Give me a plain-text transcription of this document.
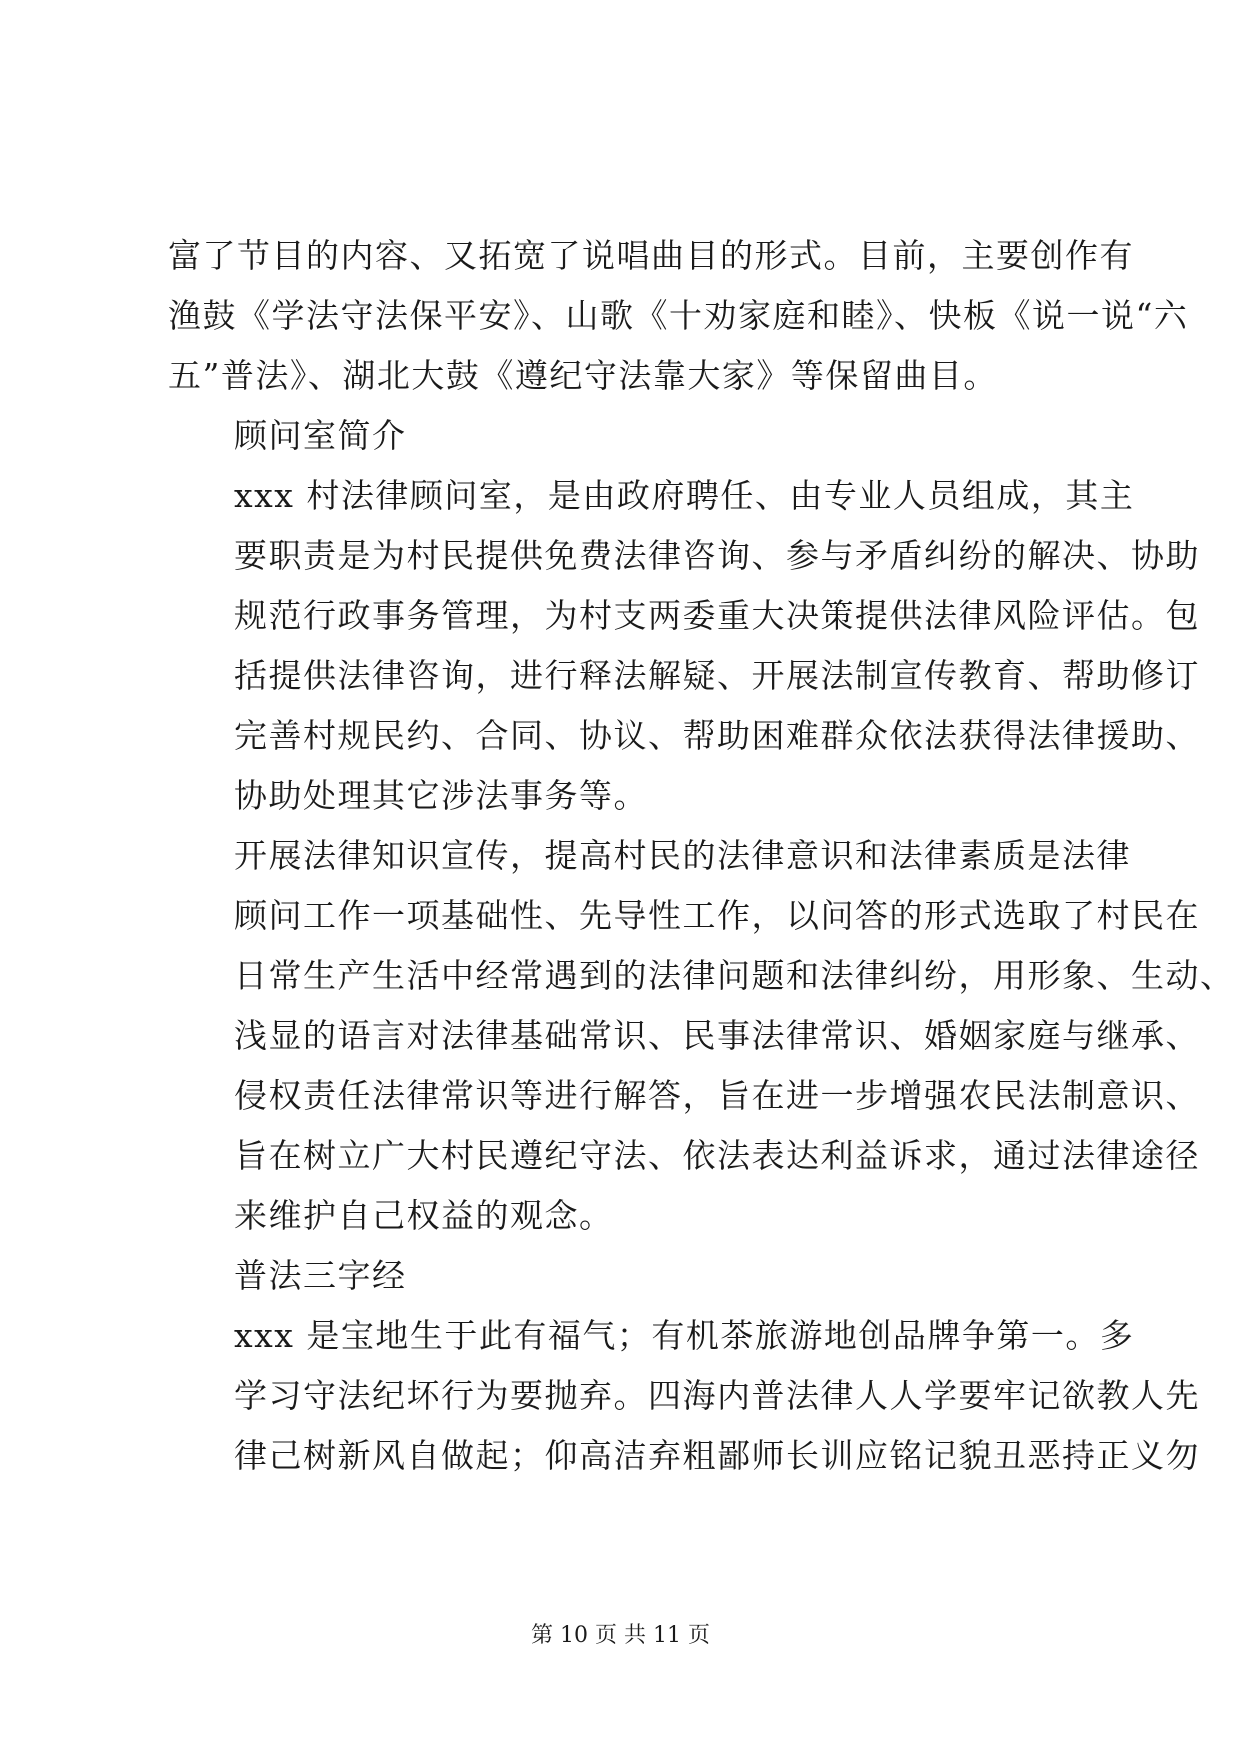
富了节目的内容、又拓宽了说唱曲目的形式。目前，主要创作有
渔鼓《学法守法保平安》、山歌《十劝家庭和睦》、快板《说一说“六
五”普法》、湖北大鼓《遵纪守法靠大家》等保留曲目。

顾问室简介

xxx 村法律顾问室，是由政府聘任、由专业人员组成，其主
要职责是为村民提供免费法律咨询、参与矛盾纠纷的解决、协助
规范行政事务管理，为村支两委重大决策提供法律风险评估。包
括提供法律咨询，进行释法解疑、开展法制宣传教育、帮助修订
完善村规民约、合同、协议、帮助困难群众依法获得法律援助、
协助处理其它涉法事务等。

开展法律知识宣传，提高村民的法律意识和法律素质是法律
顾问工作一项基础性、先导性工作，以问答的形式选取了村民在
日常生产生活中经常遇到的法律问题和法律纠纷，用形象、生动、
浅显的语言对法律基础常识、民事法律常识、婚姻家庭与继承、
侵权责任法律常识等进行解答，旨在进一步增强农民法制意识、
旨在树立广大村民遵纪守法、依法表达利益诉求，通过法律途径
来维护自己权益的观念。

普法三字经

xxx 是宝地生于此有福气；有机茶旅游地创品牌争第一。多
学习守法纪坏行为要抛弃。四海内普法律人人学要牢记欲教人先
律己树新风自做起；仰高洁弃粗鄙师长训应铭记貌丑恶持正义勿

第 10 页 共 11 页
